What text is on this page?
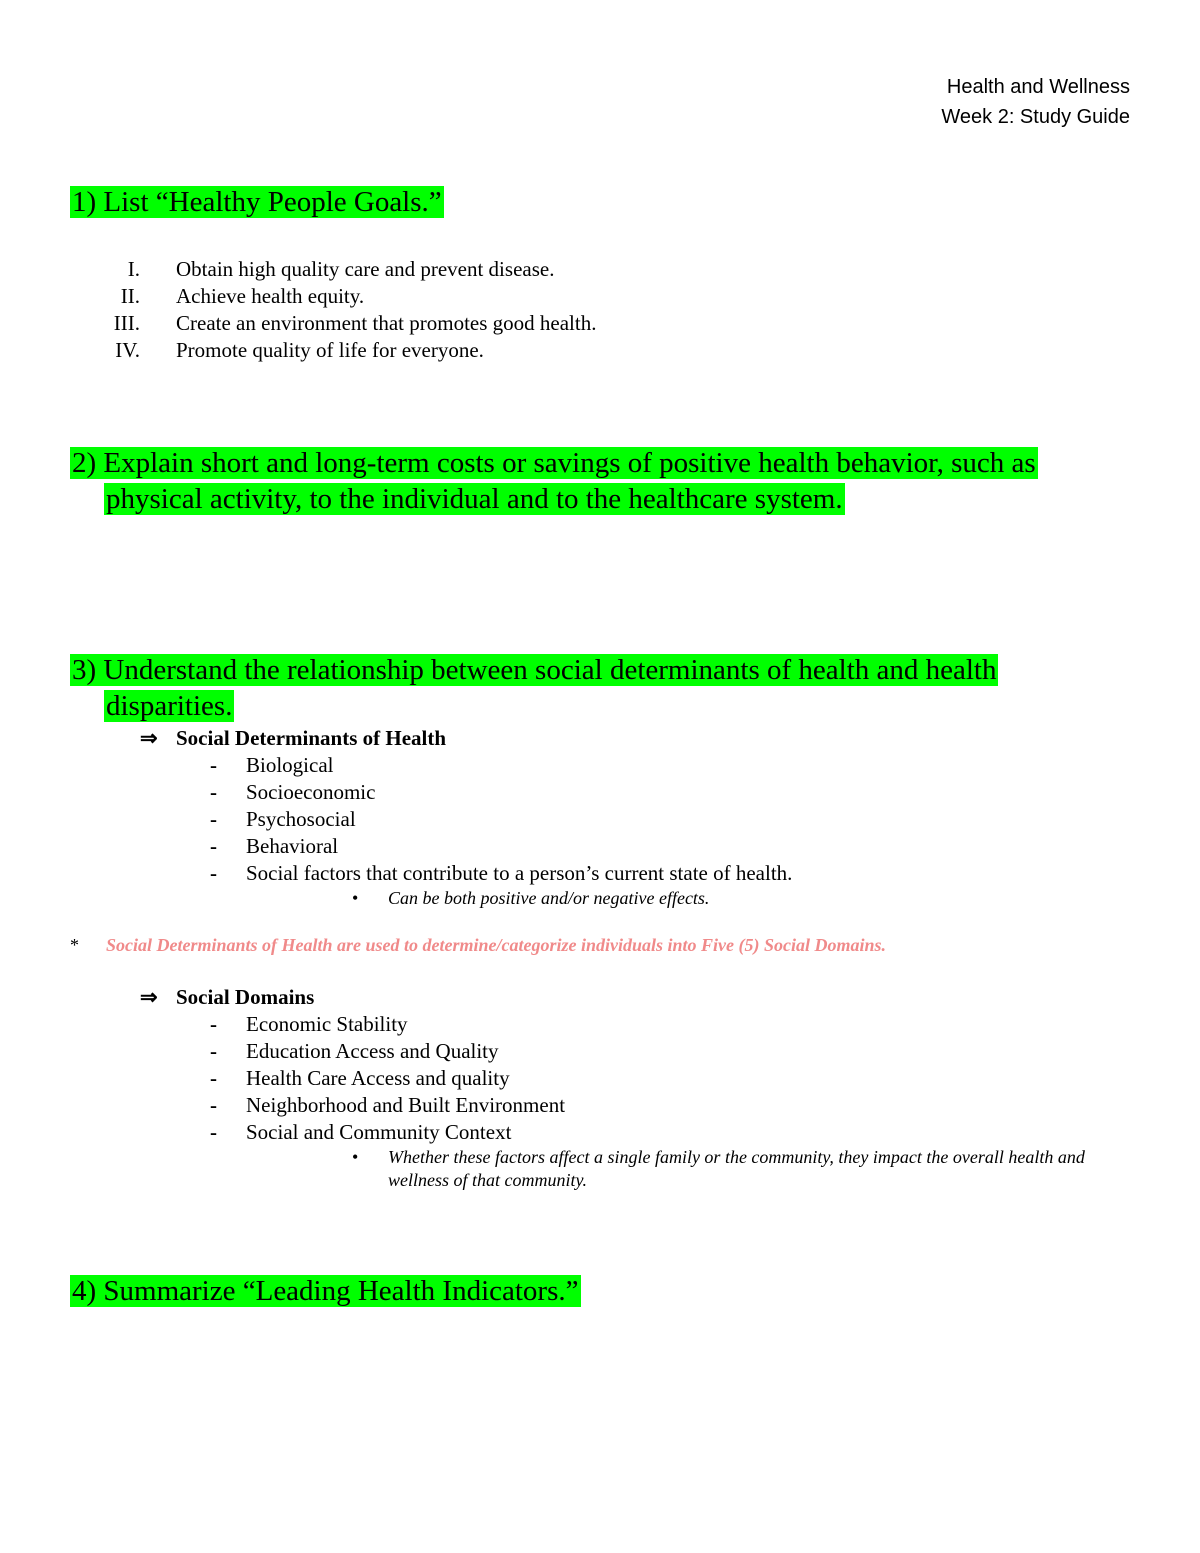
Health and Wellness
Week 2: Study Guide
1) List “Healthy People Goals.”
I. Obtain high quality care and prevent disease.
II. Achieve health equity.
III. Create an environment that promotes good health.
IV. Promote quality of life for everyone.
2) Explain short and long-term costs or savings of positive health behavior, such as
physical activity, to the individual and to the healthcare system.
3) Understand the relationship between social determinants of health and health
disparities.
⇒ Social Determinants of Health
-	Biological
-	Socioeconomic
-	Psychosocial
-	Behavioral
-	Social factors that contribute to a person’s current state of health.
• Can be both positive and/or negative effects.
* Social Determinants of Health are used to determine/categorize individuals into Five (5) Social Domains.
⇒ Social Domains
-	Economic Stability
-	Education Access and Quality
-	Health Care Access and quality
-	Neighborhood and Built Environment
-	Social and Community Context
• Whether these factors affect a single family or the community, they impact the overall health and wellness of that community.
4) Summarize “Leading Health Indicators.”
